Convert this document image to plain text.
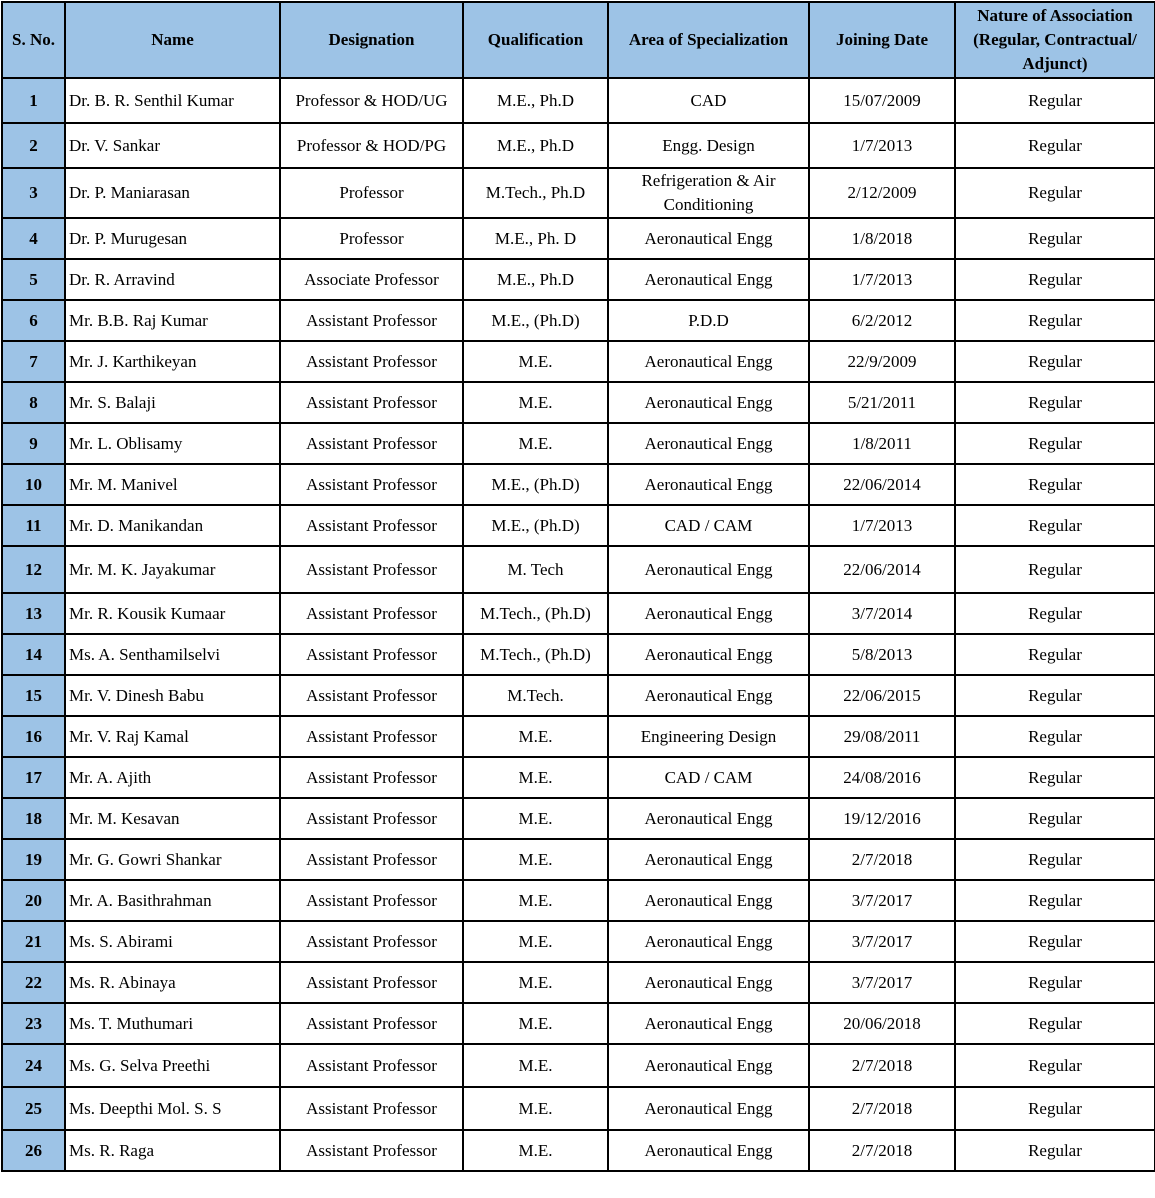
S. No.	Name	Designation	Qualification	Area of Specialization	Joining Date	Nature of Association (Regular, Contractual/ Adjunct)
1	Dr. B. R. Senthil Kumar	Professor & HOD/UG	M.E., Ph.D	CAD	15/07/2009	Regular
2	Dr. V. Sankar	Professor & HOD/PG	M.E., Ph.D	Engg. Design	1/7/2013	Regular
3	Dr. P. Maniarasan	Professor	M.Tech., Ph.D	Refrigeration & Air Conditioning	2/12/2009	Regular
4	Dr. P. Murugesan	Professor	M.E., Ph. D	Aeronautical Engg	1/8/2018	Regular
5	Dr. R. Arravind	Associate Professor	M.E., Ph.D	Aeronautical Engg	1/7/2013	Regular
6	Mr. B.B. Raj Kumar	Assistant Professor	M.E., (Ph.D)	P.D.D	6/2/2012	Regular
7	Mr. J. Karthikeyan	Assistant Professor	M.E.	Aeronautical Engg	22/9/2009	Regular
8	Mr. S. Balaji	Assistant Professor	M.E.	Aeronautical Engg	5/21/2011	Regular
9	Mr. L. Oblisamy	Assistant Professor	M.E.	Aeronautical Engg	1/8/2011	Regular
10	Mr. M. Manivel	Assistant Professor	M.E., (Ph.D)	Aeronautical Engg	22/06/2014	Regular
11	Mr. D. Manikandan	Assistant Professor	M.E., (Ph.D)	CAD / CAM	1/7/2013	Regular
12	Mr. M. K. Jayakumar	Assistant Professor	M. Tech	Aeronautical Engg	22/06/2014	Regular
13	Mr. R. Kousik Kumaar	Assistant Professor	M.Tech., (Ph.D)	Aeronautical Engg	3/7/2014	Regular
14	Ms. A. Senthamilselvi	Assistant Professor	M.Tech., (Ph.D)	Aeronautical Engg	5/8/2013	Regular
15	Mr. V. Dinesh Babu	Assistant Professor	M.Tech.	Aeronautical Engg	22/06/2015	Regular
16	Mr. V. Raj Kamal	Assistant Professor	M.E.	Engineering Design	29/08/2011	Regular
17	Mr. A. Ajith	Assistant Professor	M.E.	CAD / CAM	24/08/2016	Regular
18	Mr. M. Kesavan	Assistant Professor	M.E.	Aeronautical Engg	19/12/2016	Regular
19	Mr. G. Gowri Shankar	Assistant Professor	M.E.	Aeronautical Engg	2/7/2018	Regular
20	Mr. A. Basithrahman	Assistant Professor	M.E.	Aeronautical Engg	3/7/2017	Regular
21	Ms. S. Abirami	Assistant Professor	M.E.	Aeronautical Engg	3/7/2017	Regular
22	Ms. R. Abinaya	Assistant Professor	M.E.	Aeronautical Engg	3/7/2017	Regular
23	Ms. T. Muthumari	Assistant Professor	M.E.	Aeronautical Engg	20/06/2018	Regular
24	Ms. G. Selva Preethi	Assistant Professor	M.E.	Aeronautical Engg	2/7/2018	Regular
25	Ms. Deepthi Mol. S. S	Assistant Professor	M.E.	Aeronautical Engg	2/7/2018	Regular
26	Ms. R. Raga	Assistant Professor	M.E.	Aeronautical Engg	2/7/2018	Regular
